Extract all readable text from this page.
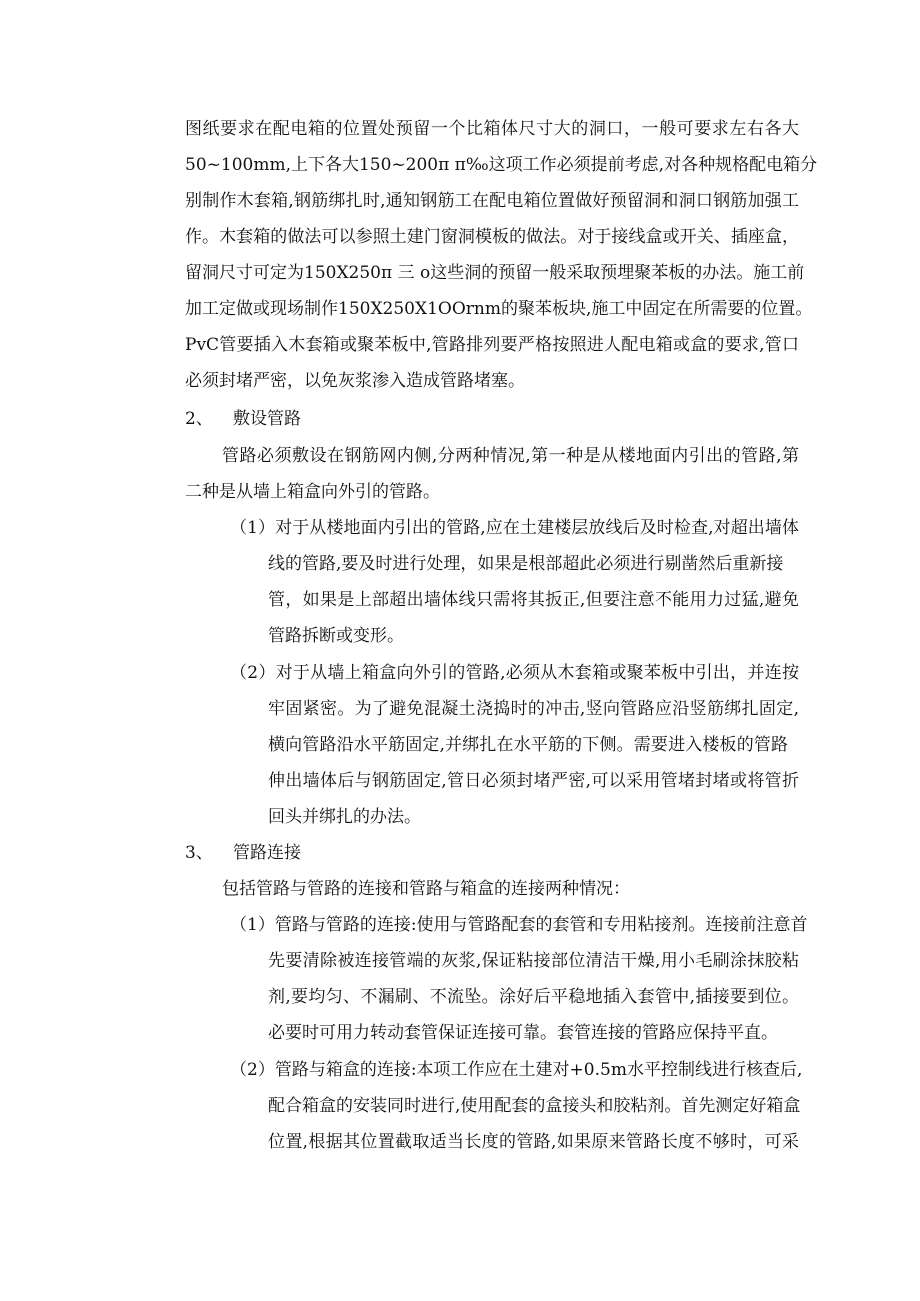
图纸要求在配电箱的位置处预留一个比箱体尺寸大的洞口，一般可要求左右各大
50~100mm,上下各大150~200π π‰这项工作必须提前考虑,对各种规格配电箱分
别制作木套箱,钢筋绑扎时,通知钢筋工在配电箱位置做好预留洞和洞口钢筋加强工
作。木套箱的做法可以参照土建门窗洞模板的做法。对于接线盒或开关、插座盒，
留洞尺寸可定为150X250π 三 o这些洞的预留一般采取预埋聚苯板的办法。施工前
加工定做或现场制作150X250X1OOrnm的聚苯板块,施工中固定在所需要的位置。
PvC管要插入木套箱或聚苯板中,管路排列要严格按照进人配电箱或盒的要求,管口
必须封堵严密，以免灰浆渗入造成管路堵塞。
2、 敷设管路
管路必须敷设在钢筋网内侧,分两种情况,第一种是从楼地面内引出的管路,第
二种是从墙上箱盒向外引的管路。
（1）对于从楼地面内引出的管路,应在土建楼层放线后及时检查,对超出墙体
线的管路,要及时进行处理，如果是根部超此必须进行剔凿然后重新接
管，如果是上部超出墙体线只需将其扳正,但要注意不能用力过猛,避免
管路拆断或变形。
（2）对于从墙上箱盒向外引的管路,必须从木套箱或聚苯板中引出，并连按
牢固紧密。为了避免混凝土浇捣时的冲击,竖向管路应沿竖筋绑扎固定,
横向管路沿水平筋固定,并绑扎在水平筋的下侧。需要进入楼板的管路
伸出墙体后与钢筋固定,管日必须封堵严密,可以采用管堵封堵或将管折
回头并绑扎的办法。
3、 管路连接
包括管路与管路的连接和管路与箱盒的连接两种情况：
（1）管路与管路的连接:使用与管路配套的套管和专用粘接剂。连接前注意首
先要清除被连接管端的灰浆,保证粘接部位清洁干燥,用小毛刷涂抹胶粘
剂,要均匀、不漏刷、不流坠。涂好后平稳地插入套管中,插接要到位。
必要时可用力转动套管保证连接可靠。套管连接的管路应保持平直。
（2）管路与箱盒的连接:本项工作应在土建对+0.5m水平控制线进行核查后,
配合箱盒的安装同时进行,使用配套的盒接头和胶粘剂。首先测定好箱盒
位置,根据其位置截取适当长度的管路,如果原来管路长度不够时，可采
